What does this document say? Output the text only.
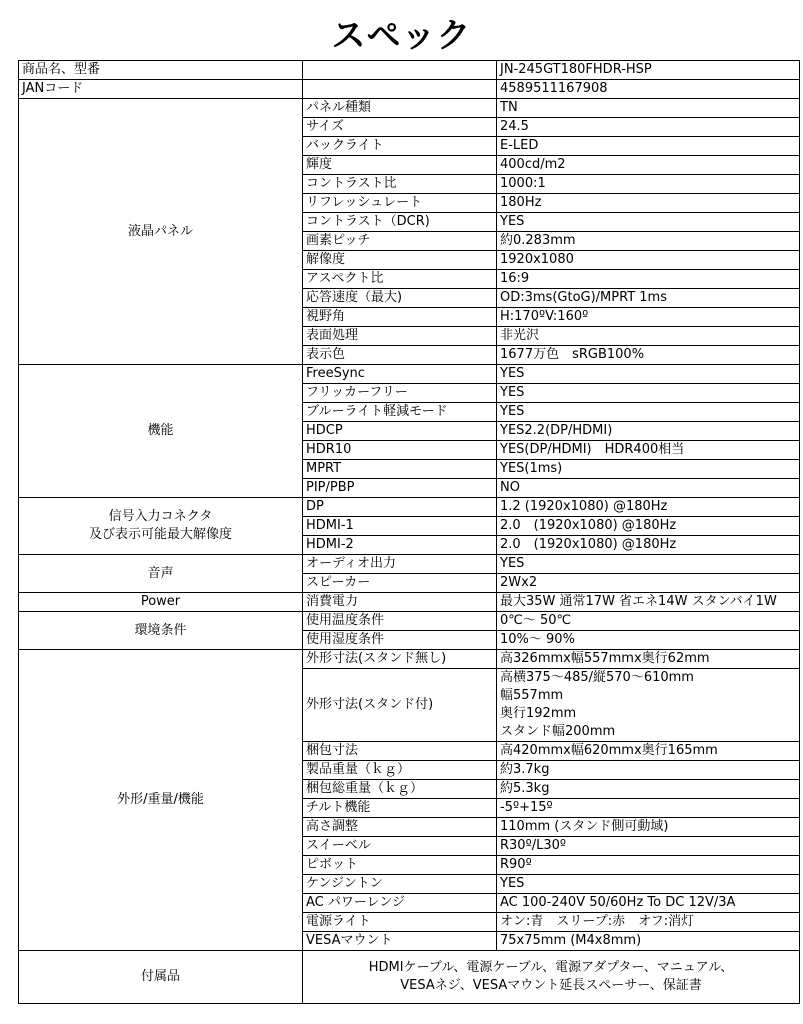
スペック
商品名、型番		JN-245GT180FHDR-HSP
JANコード		4589511167908

液晶パネル	パネル種類	TN

	サイズ	24.5

	バックライト	E-LED

	輝度	400cd/m2

	コントラスト比	1000:1

	リフレッシュレート	180Hz

	コントラスト（DCR)	YES

	画素ピッチ	約0.283mm

	解像度	1920x1080

	アスペクト比	16:9

	応答速度（最大)	OD:3ms(GtoG)/MPRT 1ms

	視野角	H:170ºV:160º

	表面処理	非光沢

	表示色	1677万色　sRGB100%

機能	FreeSync	YES

	フリッカーフリー	YES

	ブルーライト軽減モード	YES

	HDCP	YES2.2(DP/HDMI)

	HDR10	YES(DP/HDMI)　HDR400相当

	MPRT	YES(1ms)

	PIP/PBP	NO

信号入力コネクタ
及び表示可能最大解像度	DP	1.2 (1920x1080) @180Hz

	HDMI-1	2.0　(1920x1080) @180Hz

	HDMI-2	2.0　(1920x1080) @180Hz

音声	オーディオ出力	YES

	スピーカー	2Wx2

Power	消費電力	最大35W 通常17W 省エネ14W スタンバイ1W

環境条件	使用温度条件	0℃～ 50℃

	使用湿度条件	10%～ 90%

外形/重量/機能	外形寸法(スタンド無し)	高326mmx幅557mmx奥行62mm

	外形寸法(スタンド付)	高横375～485/縦570～610mm
幅557mm
奥行192mm
スタンド幅200mm

	梱包寸法	高420mmx幅620mmx奥行165mm

	製品重量（ｋｇ）	約3.7kg

	梱包総重量（ｋｇ）	約5.3kg

	チルト機能	-5º+15º

	高さ調整	110mm (スタンド側可動域)

	スイーベル	R30º/L30º

	ピボット	R90º

	ケンジントン	YES

	AC パワーレンジ	AC 100-240V 50/60Hz To DC 12V/3A

	電源ライト	オン:青　スリープ:赤　オフ:消灯

	VESAマウント	75x75mm (M4x8mm)

付属品	HDMIケーブル、電源ケーブル、電源アダプター、マニュアル、
VESAネジ、VESAマウント延長スペーサー、保証書	
